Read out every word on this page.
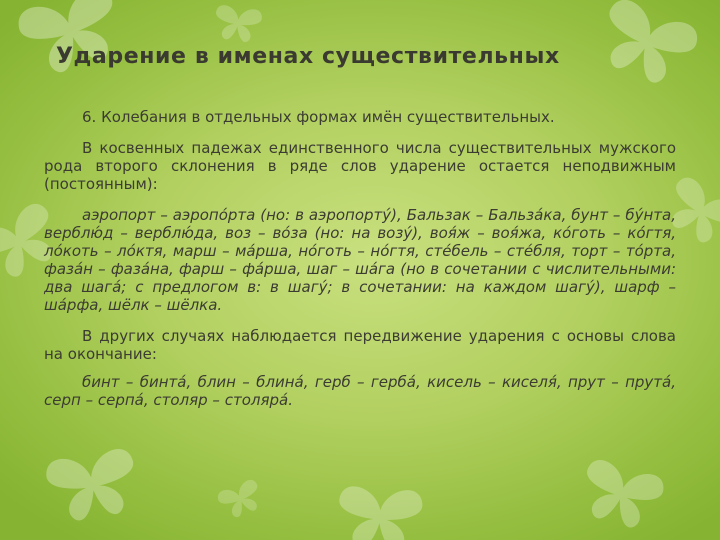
Ударение в именах существительных

6. Колебания в отдельных формах имён существительных.

В косвенных падежах единственного числа существительных мужского рода второго склонения в ряде слов ударение остается неподвижным (постоянным):

аэропорт – аэропо́рта (но: в аэропорту́), Бальзак – Бальза́ка, бунт – бу́нта, верблю́д – верблю́да, воз – во́за (но: на возу́), воя́ж – воя́жа, ко́готь – ко́гтя, ло́коть – ло́ктя, марш – ма́рша, но́готь – но́гтя, сте́бель – сте́бля, торт – то́рта, фаза́н – фаза́на, фарш – фа́рша, шаг – ша́га (но в сочетании с числительными: два шага́; с предлогом в: в шагу́; в сочетании: на каждом шагу́), шарф – ша́рфа, шёлк – шёлка.

В других случаях наблюдается передвижение ударения с основы слова на окончание:

бинт – бинта́, блин – блина́, герб – герба́, кисель – киселя́, прут – прута́, серп – серпа́, столяр – столяра́.
